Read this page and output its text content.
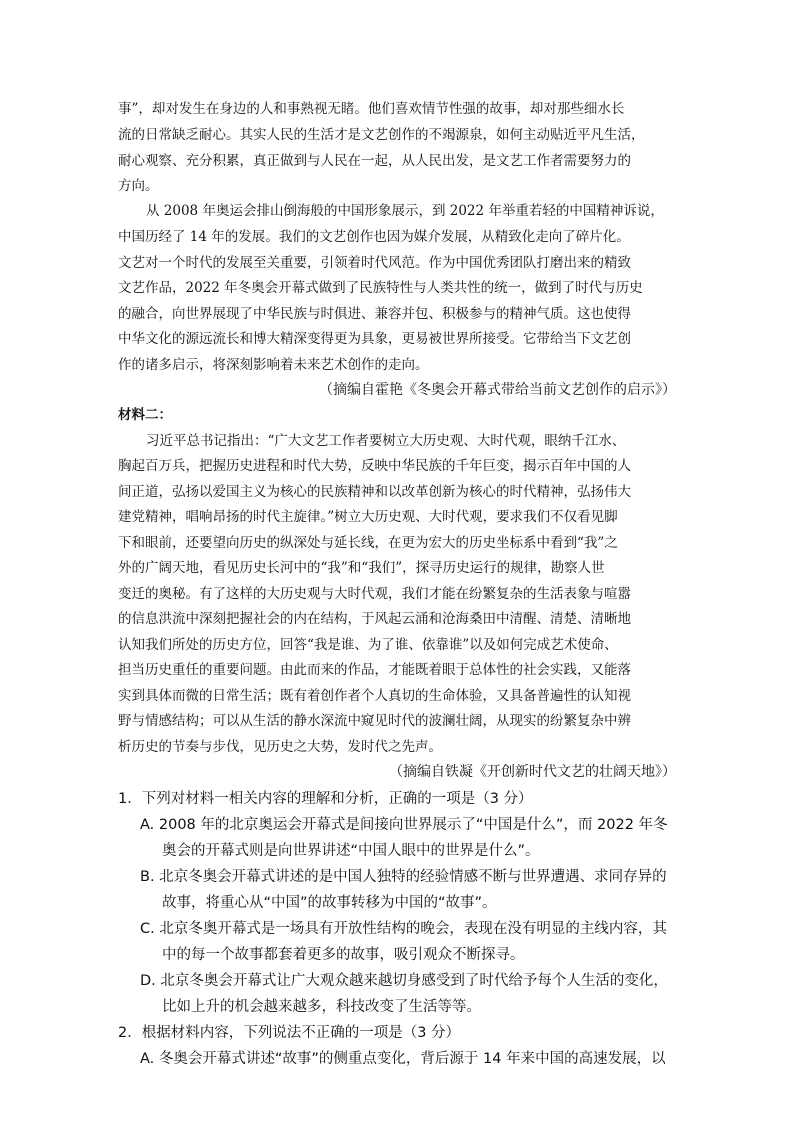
事”，却对发生在身边的人和事熟视无睹。他们喜欢情节性强的故事，却对那些细水长
流的日常缺乏耐心。其实人民的生活才是文艺创作的不竭源泉，如何主动贴近平凡生活，
耐心观察、充分积累，真正做到与人民在一起，从人民出发，是文艺工作者需要努力的
方向。
从 2008 年奥运会排山倒海般的中国形象展示，到 2022 年举重若轻的中国精神诉说，
中国历经了 14 年的发展。我们的文艺创作也因为媒介发展，从精致化走向了碎片化。
文艺对一个时代的发展至关重要，引领着时代风范。作为中国优秀团队打磨出来的精致
文艺作品，2022 年冬奥会开幕式做到了民族特性与人类共性的统一，做到了时代与历史
的融合，向世界展现了中华民族与时俱进、兼容并包、积极参与的精神气质。这也使得
中华文化的源远流长和博大精深变得更为具象，更易被世界所接受。它带给当下文艺创
作的诸多启示，将深刻影响着未来艺术创作的走向。
（摘编自霍艳《冬奥会开幕式带给当前文艺创作的启示》）
材料二：
习近平总书记指出：“广大文艺工作者要树立大历史观、大时代观，眼纳千江水、
胸起百万兵，把握历史进程和时代大势，反映中华民族的千年巨变，揭示百年中国的人
间正道，弘扬以爱国主义为核心的民族精神和以改革创新为核心的时代精神，弘扬伟大
建党精神，唱响昂扬的时代主旋律。”树立大历史观、大时代观，要求我们不仅看见脚
下和眼前，还要望向历史的纵深处与延长线，在更为宏大的历史坐标系中看到“我”之
外的广阔天地，看见历史长河中的“我”和“我们”，探寻历史运行的规律，勘察人世
变迁的奥秘。有了这样的大历史观与大时代观，我们才能在纷繁复杂的生活表象与喧嚣
的信息洪流中深刻把握社会的内在结构，于风起云涌和沧海桑田中清醒、清楚、清晰地
认知我们所处的历史方位，回答“我是谁、为了谁、依靠谁”以及如何完成艺术使命、
担当历史重任的重要问题。由此而来的作品，才能既着眼于总体性的社会实践，又能落
实到具体而微的日常生活；既有着创作者个人真切的生命体验，又具备普遍性的认知视
野与情感结构；可以从生活的静水深流中窥见时代的波澜壮阔，从现实的纷繁复杂中辨
析历史的节奏与步伐，见历史之大势，发时代之先声。
（摘编自铁凝《开创新时代文艺的壮阔天地》）
1．下列对材料一相关内容的理解和分析，正确的一项是（3 分）
A. 2008 年的北京奥运会开幕式是间接向世界展示了“中国是什么”，而 2022 年冬
奥会的开幕式则是向世界讲述“中国人眼中的世界是什么”。
B. 北京冬奥会开幕式讲述的是中国人独特的经验情感不断与世界遭遇、求同存异的
故事，将重心从“中国”的故事转移为中国的“故事”。
C. 北京冬奥开幕式是一场具有开放性结构的晚会，表现在没有明显的主线内容，其
中的每一个故事都套着更多的故事，吸引观众不断探寻。
D. 北京冬奥会开幕式让广大观众越来越切身感受到了时代给予每个人生活的变化，
比如上升的机会越来越多，科技改变了生活等等。
2．根据材料内容，下列说法不正确的一项是（3 分）
A. 冬奥会开幕式讲述“故事”的侧重点变化，背后源于 14 年来中国的高速发展，以
